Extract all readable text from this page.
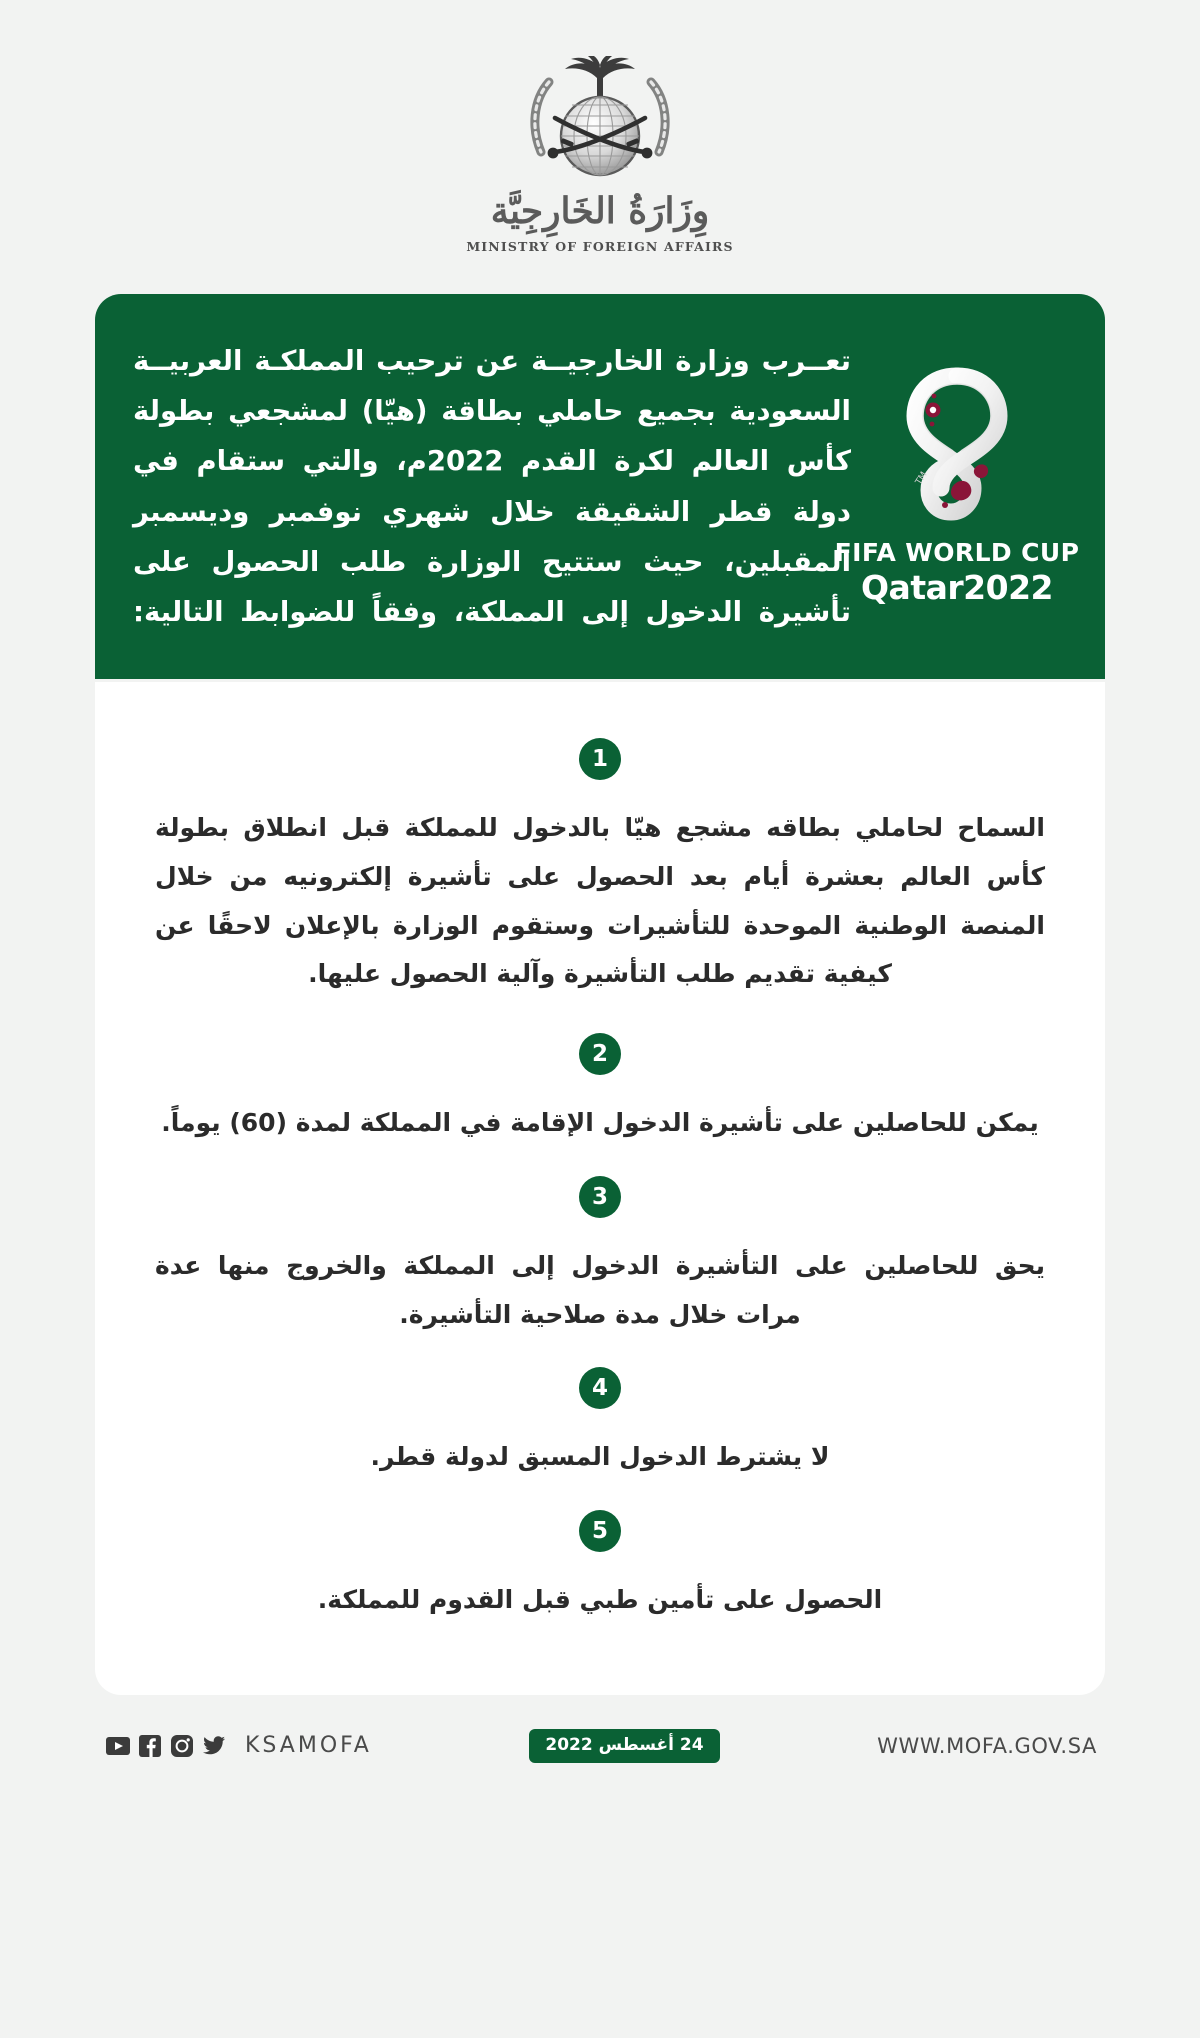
وِزَارَةُ الخَارِجِيَّة
MINISTRY OF FOREIGN AFFAIRS
تعــرب وزارة الخارجيــة عن ترحيب المملكـة العربيــة السعودية بجميع حاملي بطاقة (هيّا) لمشجعي بطولة كأس العالم لكرة القدم 2022م، والتي ستقام في دولة قطر الشقيقة خلال شهري نوفمبر وديسمبر المقبلين، حيث ستتيح الوزارة طلب الحصول على تأشيرة الدخول إلى المملكة، وفقاً للضوابط التالية:
TM
FIFA WORLD CUP
Qatar2022
1
السماح لحاملي بطاقه مشجع هيّا بالدخول للمملكة قبل انطلاق بطولة كأس العالم بعشرة أيام بعد الحصول على تأشيرة إلكترونيه من خلال المنصة الوطنية الموحدة للتأشيرات وستقوم الوزارة بالإعلان لاحقًا عن كيفية تقديم طلب التأشيرة وآلية الحصول عليها.
2
يمكن للحاصلين على تأشيرة الدخول الإقامة في المملكة لمدة (60) يوماً.
3
يحق للحاصلين على التأشيرة الدخول إلى المملكة والخروج منها عدة مرات خلال مدة صلاحية التأشيرة.
4
لا يشترط الدخول المسبق لدولة قطر.
5
الحصول على تأمين طبي قبل القدوم للمملكة.
KSAMOFA	24 أغسطس 2022	WWW.MOFA.GOV.SA
